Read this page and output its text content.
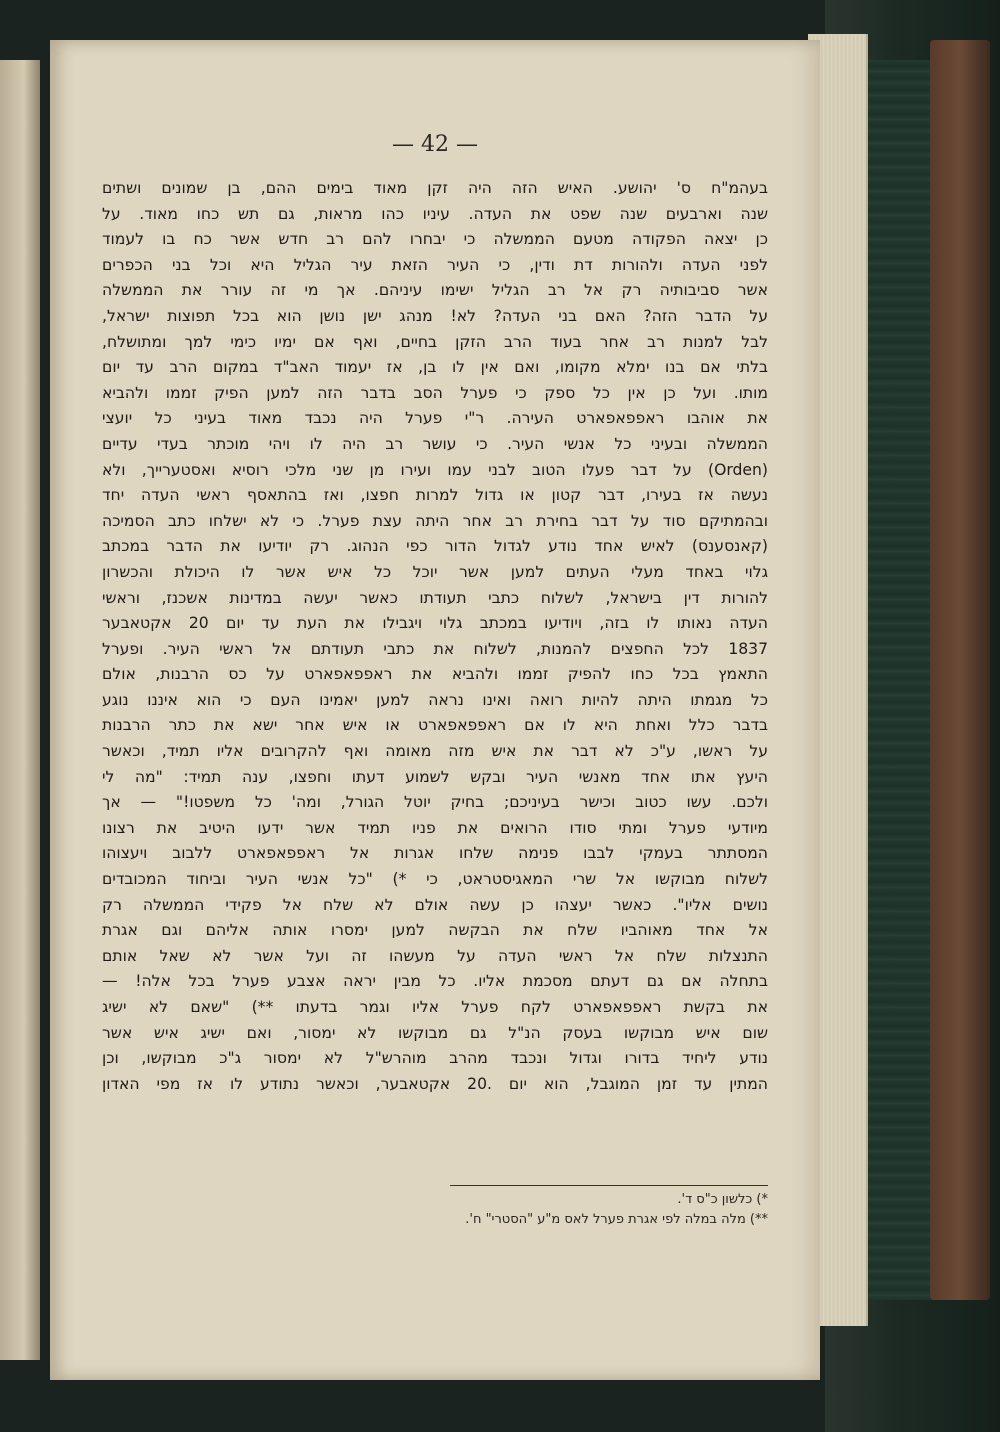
— 42 —
בעהמ"ח ס' יהושע. האיש הזה היה זקן מאוד בימים ההם, בן שמונים ושתים
שנה וארבעים שנה שפט את העדה. עיניו כהו מראות, גם תש כחו מאוד. על
כן יצאה הפקודה מטעם הממשלה כי יבחרו להם רב חדש אשר כח בו לעמוד
לפני העדה ולהורות דת ודין, כי העיר הזאת עיר הגליל היא וכל בני הכפרים
אשר סביבותיה רק אל רב הגליל ישימו עיניהם. אך מי זה עורר את הממשלה
על הדבר הזה? האם בני העדה? לא! מנהג ישן נושן הוא בכל תפוצות ישראל,
לבל למנות רב אחר בעוד הרב הזקן בחיים, ואף אם ימיו כימי למך ומתושלח,
בלתי אם בנו ימלא מקומו, ואם אין לו בן, אז יעמוד האב"ד במקום הרב עד יום
מותו. ועל כן אין כל ספק כי פערל הסב בדבר הזה למען הפיק זממו ולהביא
את אוהבו ראפפאפארט העירה. ר"י פערל היה נכבד מאוד בעיני כל יועצי
הממשלה ובעיני כל אנשי העיר. כי עושר רב היה לו ויהי מוכתר בעדי עדיים
(Orden) על דבר פעלו הטוב לבני עמו ועירו מן שני מלכי רוסיא ואסטערייך, ולא
נעשה אז בעירו, דבר קטון או גדול למרות חפצו, ואז בהתאסף ראשי העדה יחד
ובהמתיקם סוד על דבר בחירת רב אחר היתה עצת פערל. כי לא ישלחו כתב הסמיכה
(קאנסענס) לאיש אחד נודע לגדול הדור כפי הנהוג. רק יודיעו את הדבר במכתב
גלוי באחד מעלי העתים למען אשר יוכל כל איש אשר לו היכולת והכשרון
להורות דין בישראל, לשלוח כתבי תעודתו כאשר יעשה במדינות אשכנז, וראשי
העדה נאותו לו בזה, ויודיעו במכתב גלוי ויגבילו את העת עד יום 20 אקטאבער
1837 לכל החפצים להמנות, לשלוח את כתבי תעודתם אל ראשי העיר. ופערל
התאמץ בכל כחו להפיק זממו ולהביא את ראפפאפארט על כס הרבנות, אולם
כל מגמתו היתה להיות רואה ואינו נראה למען יאמינו העם כי הוא איננו נוגע
בדבר כלל ואחת היא לו אם ראפפאפארט או איש אחר ישא את כתר הרבנות
על ראשו, ע"כ לא דבר את איש מזה מאומה ואף להקרובים אליו תמיד, וכאשר
היעץ אתו אחד מאנשי העיר ובקש לשמוע דעתו וחפצו, ענה תמיד: "מה לי
ולכם. עשו כטוב וכישר בעיניכם; בחיק יוטל הגורל, ומה' כל משפטו!" — אך
מיודעי פערל ומתי סודו הרואים את פניו תמיד אשר ידעו היטיב את רצונו
המסתתר בעמקי לבבו פנימה שלחו אגרות אל ראפפאפארט ללבוב ויעצוהו
לשלוח מבוקשו אל שרי המאגיסטראט, כי *) "כל אנשי העיר וביחוד המכובדים
נושים אליו". כאשר יעצהו כן עשה אולם לא שלח אל פקידי הממשלה רק
אל אחד מאוהביו שלח את הבקשה למען ימסרו אותה אליהם וגם אגרת
התנצלות שלח אל ראשי העדה על מעשהו זה ועל אשר לא שאל אותם
בתחלה אם גם דעתם מסכמת אליו. כל מבין יראה אצבע פערל בכל אלה! —
את בקשת ראפפאפארט לקח פערל אליו וגמר בדעתו **) "שאם לא ישיג
שום איש מבוקשו בעסק הנ"ל גם מבוקשו לא ימסור, ואם ישיג איש אשר
נודע ליחיד בדורו וגדול ונכבד מהרב מוהרש"ל לא ימסור ג"כ מבוקשו, וכן
המתין עד זמן המוגבל, הוא יום .20 אקטאבער, וכאשר נתודע לו אז מפי האדון
*) כלשון כ"ס ד'.
**) מלה במלה לפי אגרת פערל לאס מ"ע "הסטרי" ח'.
